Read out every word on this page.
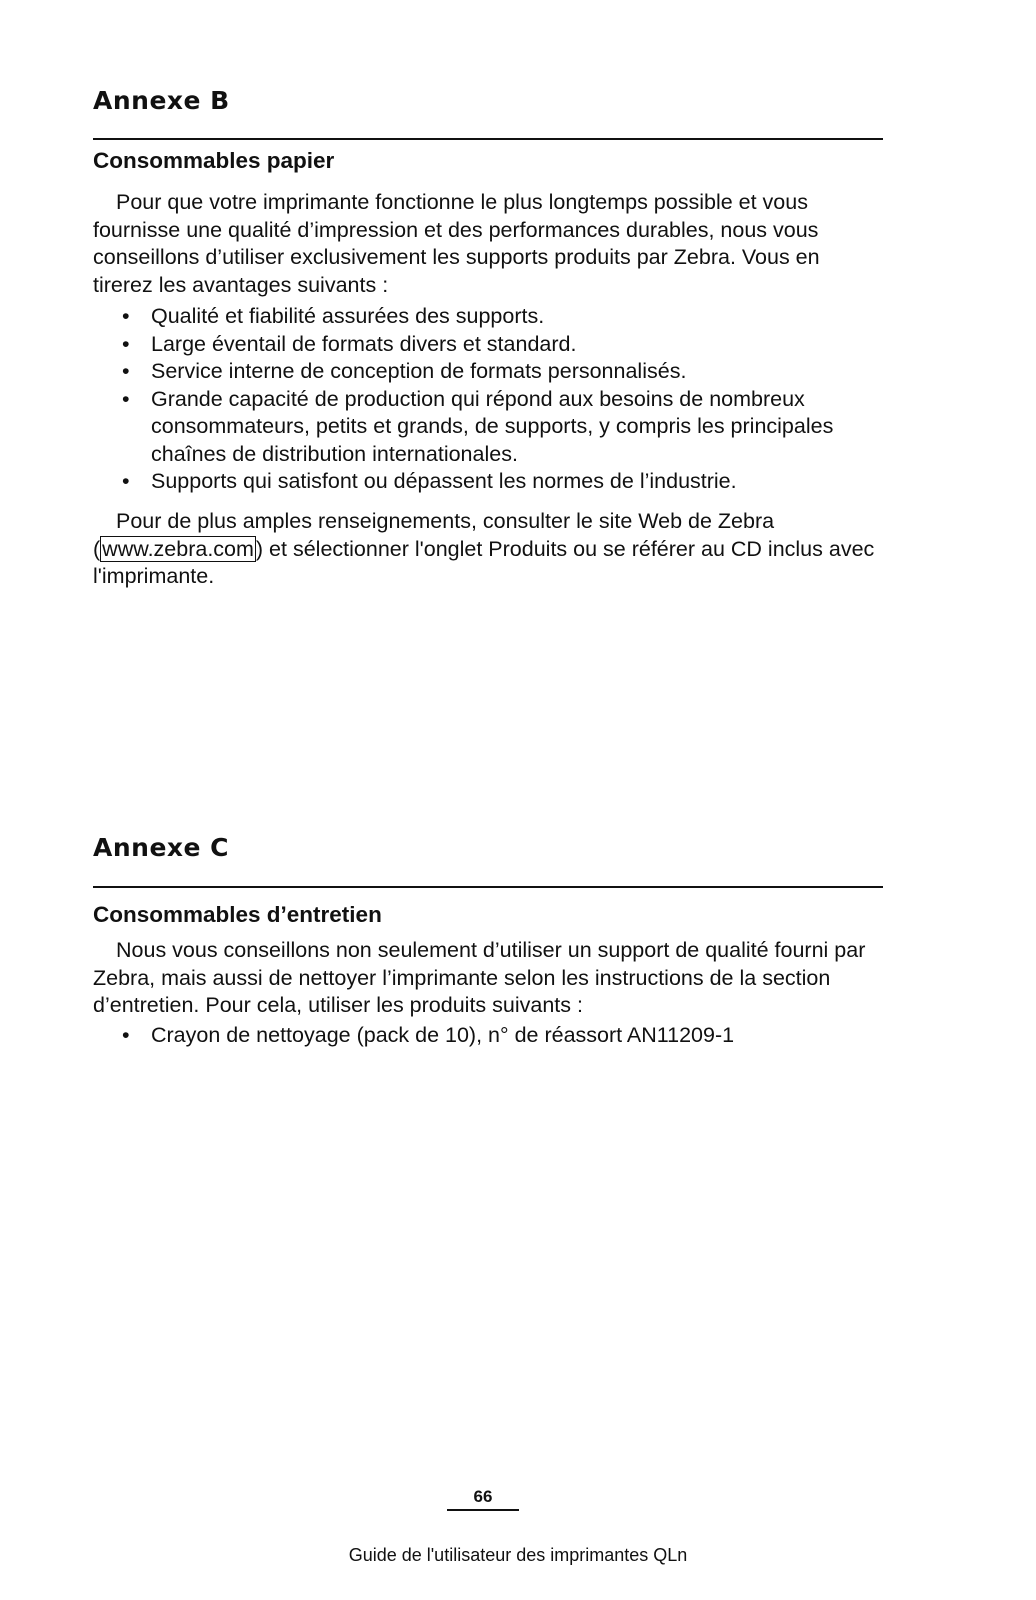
Annexe B
Consommables papier

Pour que votre imprimante fonctionne le plus longtemps possible et vous fournisse une qualité d’impression et des performances durables, nous vous conseillons d’utiliser exclusivement les supports produits par Zebra. Vous en tirerez les avantages suivants :

• Qualité et fiabilité assurées des supports.
• Large éventail de formats divers et standard.
• Service interne de conception de formats personnalisés.
• Grande capacité de production qui répond aux besoins de nombreux consommateurs, petits et grands, de supports, y compris les principales chaînes de distribution internationales.
• Supports qui satisfont ou dépassent les normes de l’industrie.

Pour de plus amples renseignements, consulter le site Web de Zebra (www.zebra.com) et sélectionner l'onglet Produits ou se référer au CD inclus avec l'imprimante.

Annexe C
Consommables d’entretien

Nous vous conseillons non seulement d’utiliser un support de qualité fourni par Zebra, mais aussi de nettoyer l’imprimante selon les instructions de la section d’entretien. Pour cela, utiliser les produits suivants :

• Crayon de nettoyage (pack de 10), n° de réassort AN11209-1
66
Guide de l'utilisateur des imprimantes QLn
